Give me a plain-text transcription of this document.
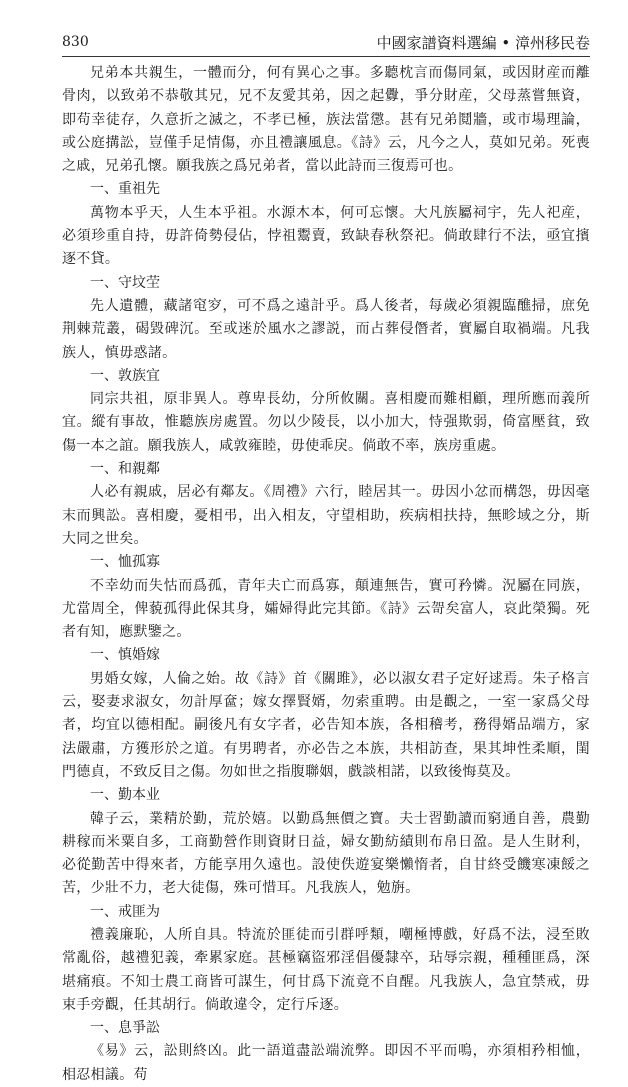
830	中國家譜資料選編 • 漳州移民卷

兄弟本共親生，一體而分，何有異心之事。多聽枕言而傷同氣，或因財産而離骨肉，以致弟不恭敬其兄，兄不友愛其弟，因之起釁，爭分財産，父母蒸嘗無資，即苟幸徒存，久意折之滅之，不孝已極，族法當懲。甚有兄弟鬩牆，或市場理論，或公庭搆訟，豈僅手足情傷，亦且禮讓風息。《詩》云，凡今之人，莫如兄弟。死喪之戚，兄弟孔懷。願我族之爲兄弟者，當以此詩而三復焉可也。

一、重祖先

萬物本乎天，人生本乎祖。水源木本，何可忘懷。大凡族屬祠宇，先人祀産，必須珍重自持，毋許倚勢侵佔，悖祖鬻賣，致缺春秋祭祀。倘敢肆行不法，亟宜擯逐不貸。

一、守坟茔

先人遺體，藏諸窀穸，可不爲之遠計乎。爲人後者，每歲必須親臨醮掃，庶免荆棘荒叢，碣毀碑沉。至或迷於風水之謬説，而占葬侵僭者，實屬自取禍端。凡我族人，慎毋惑諸。

一、敦族宜

同宗共祖，原非異人。尊卑長幼，分所攸關。喜相慶而難相顧，理所應而義所宜。縱有事故，惟聽族房處置。勿以少陵長，以小加大，恃强欺弱，倚富壓貧，致傷一本之誼。願我族人，咸敦雍睦，毋使乖戾。倘敢不率，族房重處。

一、和親鄰

人必有親戚，居必有鄰友。《周禮》六行，睦居其一。毋因小忿而構怨，毋因毫末而興訟。喜相慶，憂相弔，出入相友，守望相助，疾病相扶持，無畛域之分，斯大同之世矣。

一、恤孤寡

不幸幼而失怙而爲孤，青年夫亡而爲寡，顛連無告，實可矜憐。況屬在同族，尤當周全，俾藐孤得此保其身，孀婦得此完其節。《詩》云哿矣富人，哀此榮獨。死者有知，應默鑒之。

一、慎婚嫁

男婚女嫁，人倫之始。故《詩》首《關雎》，必以淑女君子定好逑焉。朱子格言云，娶妻求淑女，勿計厚奩；嫁女擇賢婿，勿索重聘。由是觀之，一室一家爲父母者，均宜以德相配。嗣後凡有女字者，必告知本族，各相稽考，務得婿品端方，家法嚴肅，方獲形於之道。有男聘者，亦必告之本族，共相訪查，果其坤性柔順，閨門德貞，不致反目之傷。勿如世之指腹聯姻，戲談相諾，以致後悔莫及。

一、勤本业

韓子云，業精於勤，荒於嬉。以勤爲無價之寶。夫士習勤讀而窮通自善，農勤耕稼而米粟自多，工商勤營作則資財日益，婦女勤紡績則布帛日盈。是人生財利，必從勤苦中得來者，方能享用久遠也。設使佚遊宴樂懶惰者，自甘終受饑寒凍餒之苦，少壯不力，老大徒傷，殊可惜耳。凡我族人，勉旃。

一、戒匪为

禮義廉恥，人所自具。特流於匪徒而引群呼類，嘲極博戲，好爲不法，浸至敗常亂俗，越禮犯義，牽累家庭。甚極竊盜邪淫倡優隸卒，玷辱宗親，種種匪爲，深堪痛痕。不知士農工商皆可謀生，何甘爲下流竟不自醒。凡我族人，急宜禁戒，毋束手旁觀，任其胡行。倘敢違令，定行斥逐。

一、息爭訟

《易》云，訟則終凶。此一語道盡訟端流弊。即因不平而鳴，亦須相矜相恤，相忍相議。苟
